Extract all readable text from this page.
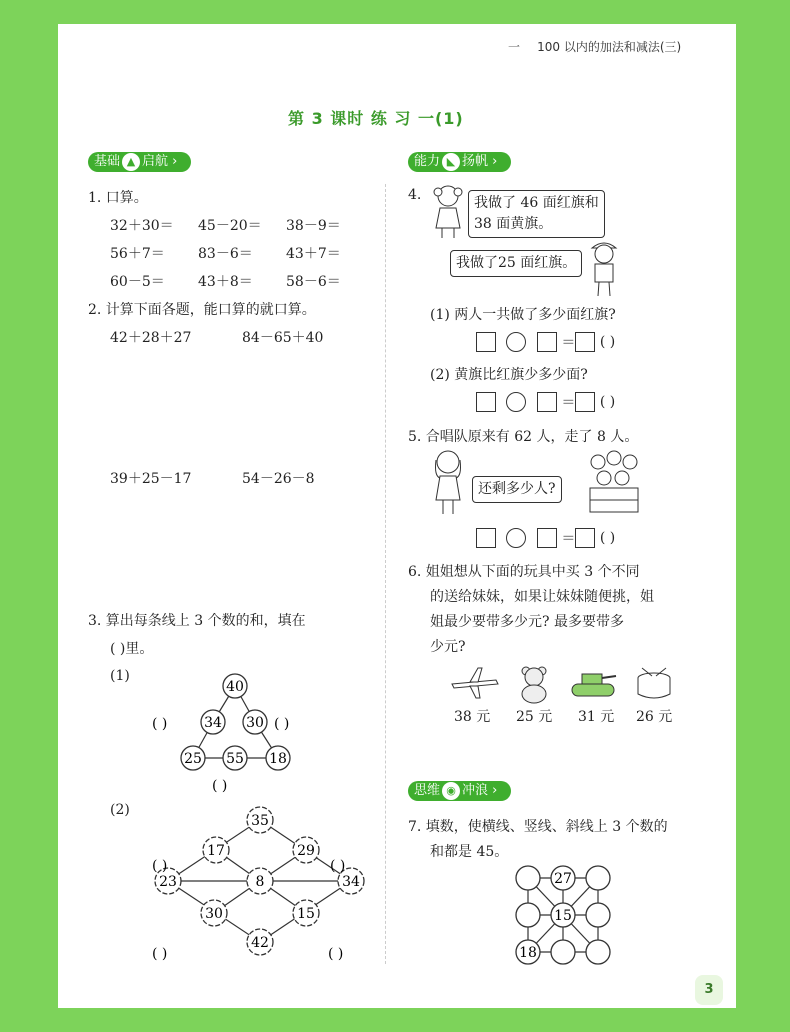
一 100 以内的加法和减法(三)
第 3 课时 练 习 一(1)
基础 ▲ 启航 ›	能力 ◣ 扬帆 ›
思维 ◉ 冲浪 ›
1. 口算。
32＋30＝ 45－20＝ 38－9＝
56＋7＝ 83－6＝ 43＋7＝
60－5＝ 43＋8＝ 58－6＝
2. 计算下面各题，能口算的就口算。
42＋28＋27	84－65＋40
39＋25－17	54－26－8
3. 算出每条线上 3 个数的和，填在
( )里。
(1)
(2)
40
34 30
25 55 18
( )	( )
( )
35
17	29
23	8	34
30	15
42
( )	( )
( )	( )
4.	我做了 46 面红旗和
38 面黄旗。
我做了25 面红旗。
(1) 两人一共做了多少面红旗?
＝ ( )
(2) 黄旗比红旗少多少面?
＝ ( )
5. 合唱队原来有 62 人，走了 8 人。
还剩多少人?
＝ ( )
6. 姐姐想从下面的玩具中买 3 个不同
的送给妹妹，如果让妹妹随便挑，姐
姐最少要带多少元? 最多要带多
少元?
38 元 25 元 31 元 26 元
7. 填数，使横线、竖线、斜线上 3 个数的
和都是 45。
27
15
18
3
